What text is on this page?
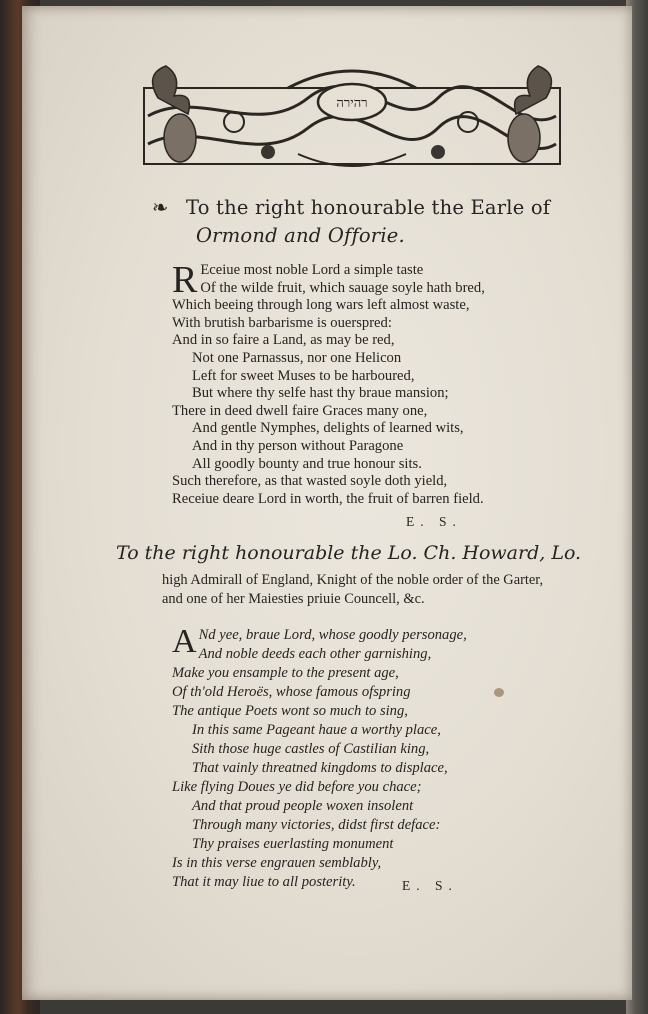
רהירה
❧ To the right honourable the Earle of
Ormond and Offorie.
R Eceiue most noble Lord a simple taste
Of the wilde fruit, which sauage soyle hath bred,
Which beeing through long wars left almost waste,
With brutish barbarisme is ouerspred:
And in so faire a Land, as may be red,
Not one Parnassus, nor one Helicon
Left for sweet Muses to be harboured,
But where thy selfe hast thy braue mansion;
There in deed dwell faire Graces many one,
And gentle Nymphes, delights of learned wits,
And in thy person without Paragone
All goodly bounty and true honour sits.
Such therefore, as that wasted soyle doth yield,
Receiue deare Lord in worth, the fruit of barren field.
E. S.
To the right honourable the Lo. Ch. Howard, Lo.
high Admirall of England, Knight of the noble order of the Garter,
and one of her Maiesties priuie Councell, &c.
A Nd yee, braue Lord, whose goodly personage,
And noble deeds each other garnishing,
Make you ensample to the present age,
Of th'old Heroës, whose famous ofspring
The antique Poets wont so much to sing,
In this same Pageant haue a worthy place,
Sith those huge castles of Castilian king,
That vainly threatned kingdoms to displace,
Like flying Doues ye did before you chace;
And that proud people woxen insolent
Through many victories, didst first deface:
Thy praises euerlasting monument
Is in this verse engrauen semblably,
That it may liue to all posterity.	E. S.
